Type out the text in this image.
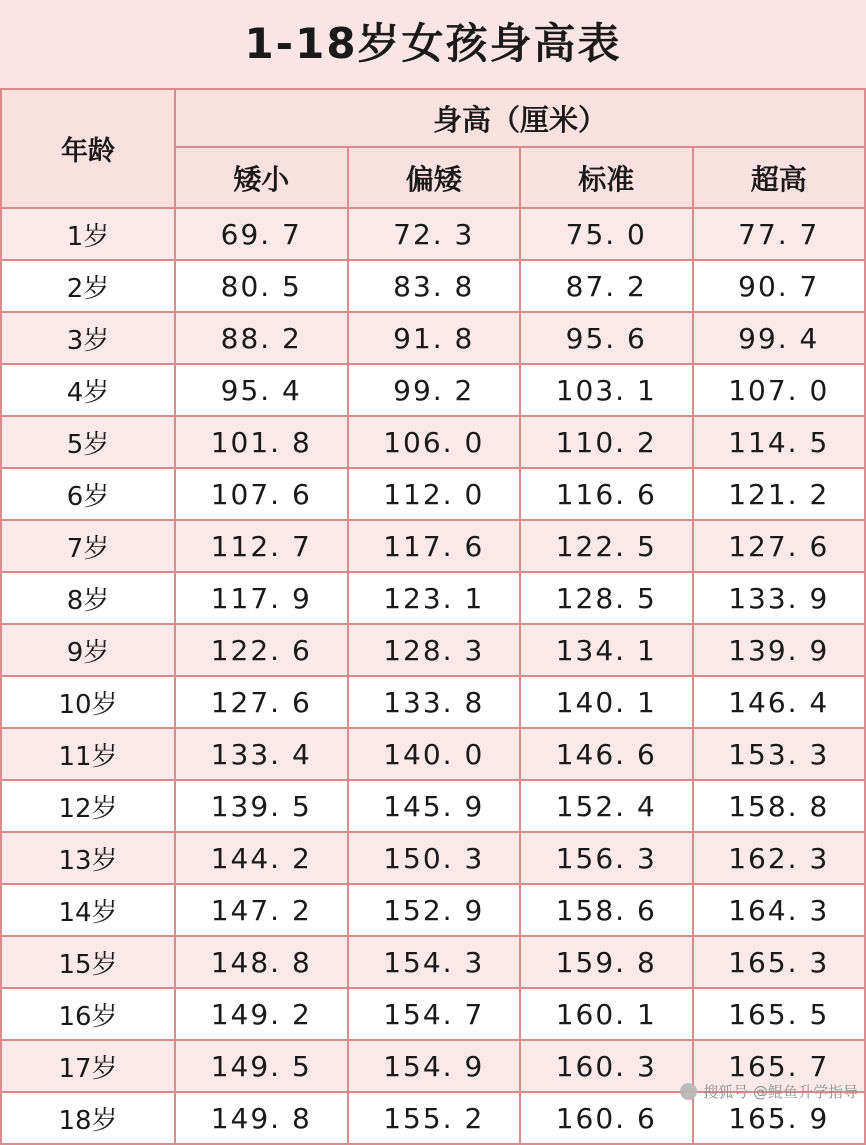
1-18岁女孩身高表
年龄	身高（厘米）			
	矮小	偏矮	标准	超高
1岁	69. 7	72. 3	75. 0	77. 7
2岁	80. 5	83. 8	87. 2	90. 7
3岁	88. 2	91. 8	95. 6	99. 4
4岁	95. 4	99. 2	103. 1	107. 0
5岁	101. 8	106. 0	110. 2	114. 5
6岁	107. 6	112. 0	116. 6	121. 2
7岁	112. 7	117. 6	122. 5	127. 6
8岁	117. 9	123. 1	128. 5	133. 9
9岁	122. 6	128. 3	134. 1	139. 9
10岁	127. 6	133. 8	140. 1	146. 4
11岁	133. 4	140. 0	146. 6	153. 3
12岁	139. 5	145. 9	152. 4	158. 8
13岁	144. 2	150. 3	156. 3	162. 3
14岁	147. 2	152. 9	158. 6	164. 3
15岁	148. 8	154. 3	159. 8	165. 3
16岁	149. 2	154. 7	160. 1	165. 5
17岁	149. 5	154. 9	160. 3	165. 7
18岁	149. 8	155. 2	160. 6	165. 9
搜狐号 @鲲鱼升学指导
